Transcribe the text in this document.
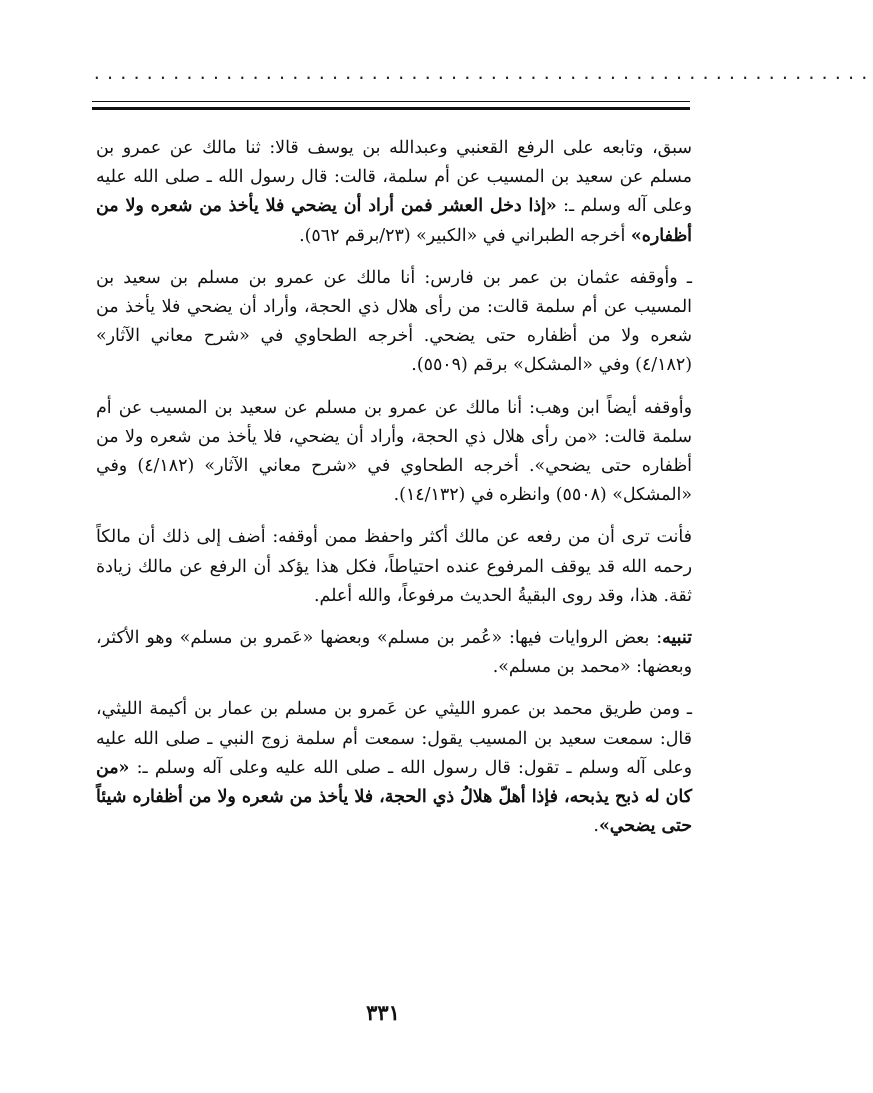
...........................................................

سبق، وتابعه على الرفع القعنبي وعبدالله بن يوسف قالا: ثنا مالك عن عمرو بن مسلم عن سعيد بن المسيب عن أم سلمة، قالت: قال رسول الله ـ صلى الله عليه وعلى آله وسلم ـ: «إذا دخل العشر فمن أراد أن يضحي فلا يأخذ من شعره ولا من أظفاره» أخرجه الطبراني في «الكبير» (٢٣/برقم ٥٦٢).

ـ وأوقفه عثمان بن عمر بن فارس: أنا مالك عن عمرو بن مسلم بن سعيد بن المسيب عن أم سلمة قالت: من رأى هلال ذي الحجة، وأراد أن يضحي فلا يأخذ من شعره ولا من أظفاره حتى يضحي. أخرجه الطحاوي في «شرح معاني الآثار» (٤/١٨٢) وفي «المشكل» برقم (٥٥٠٩).

وأوقفه أيضاً ابن وهب: أنا مالك عن عمرو بن مسلم عن سعيد بن المسيب عن أم سلمة قالت: «من رأى هلال ذي الحجة، وأراد أن يضحي، فلا يأخذ من شعره ولا من أظفاره حتى يضحي». أخرجه الطحاوي في «شرح معاني الآثار» (٤/١٨٢) وفي «المشكل» (٥٥٠٨) وانظره في (١٤/١٣٢).

فأنت ترى أن من رفعه عن مالك أكثر واحفظ ممن أوقفه: أضف إلى ذلك أن مالكاً رحمه الله قد يوقف المرفوع عنده احتياطاً، فكل هذا يؤكد أن الرفع عن مالك زيادة ثقة. هذا، وقد روى البقيةُ الحديث مرفوعاً، والله أعلم.

تنبيه: بعض الروايات فيها: «عُمر بن مسلم» وبعضها «عَمرو بن مسلم» وهو الأكثر، وبعضها: «محمد بن مسلم».

ـ ومن طريق محمد بن عمرو الليثي عن عَمرو بن مسلم بن عمار بن أكيمة الليثي، قال: سمعت سعيد بن المسيب يقول: سمعت أم سلمة زوج النبي ـ صلى الله عليه وعلى آله وسلم ـ تقول: قال رسول الله ـ صلى الله عليه وعلى آله وسلم ـ: «من كان له ذبح يذبحه، فإذا أهلّ هلالُ ذي الحجة، فلا يأخذ من شعره ولا من أظفاره شيئاً حتى يضحي».

٣٣١
